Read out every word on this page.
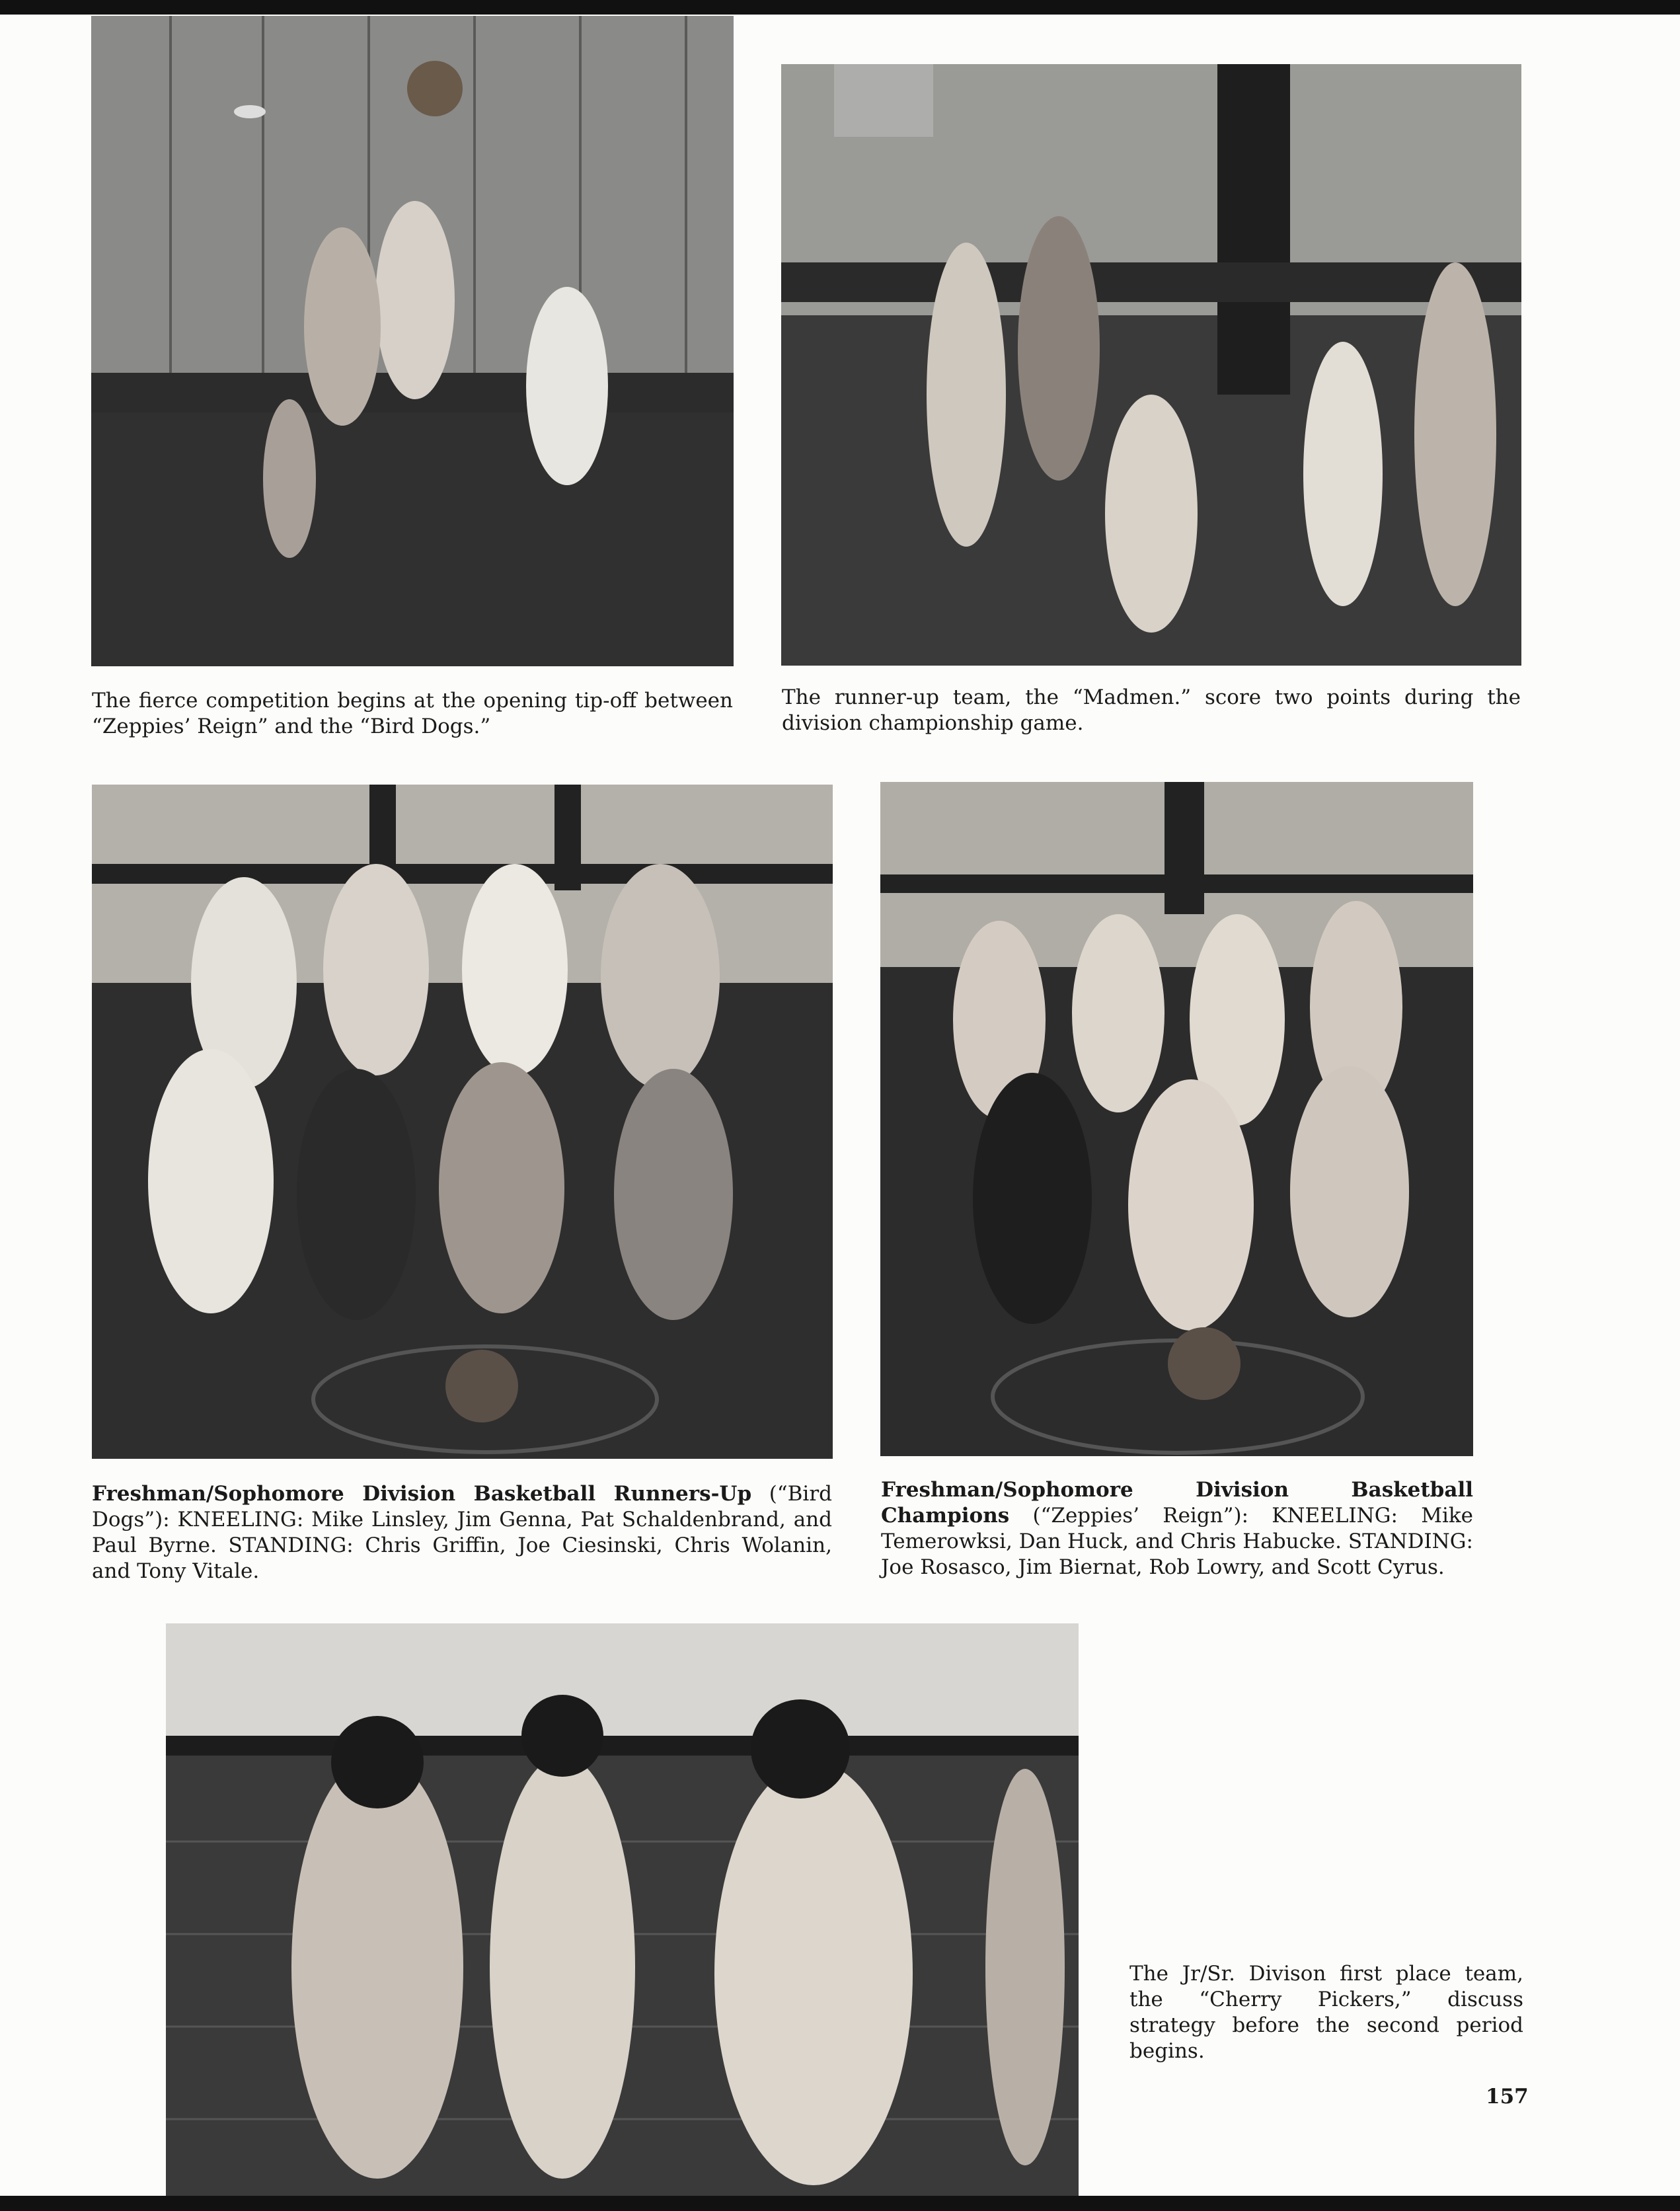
The fierce competition begins at the opening tip-off between “Zeppies’ Reign” and the “Bird Dogs.”

The runner-up team, the “Madmen.” score two points during the division championship game.

Freshman/Sophomore Division Basketball Runners-Up (“Bird Dogs”): KNEELING: Mike Linsley, Jim Genna, Pat Schaldenbrand, and Paul Byrne. STANDING: Chris Griffin, Joe Ciesinski, Chris Wolanin, and Tony Vitale.

Freshman/Sophomore Division Basketball Champions (“Zeppies’ Reign”): KNEELING: Mike Temerowksi, Dan Huck, and Chris Habucke. STANDING: Joe Rosasco, Jim Biernat, Rob Lowry, and Scott Cyrus.

The Jr/Sr. Divison first place team, the “Cherry Pickers,” discuss strategy before the second period begins.

157
